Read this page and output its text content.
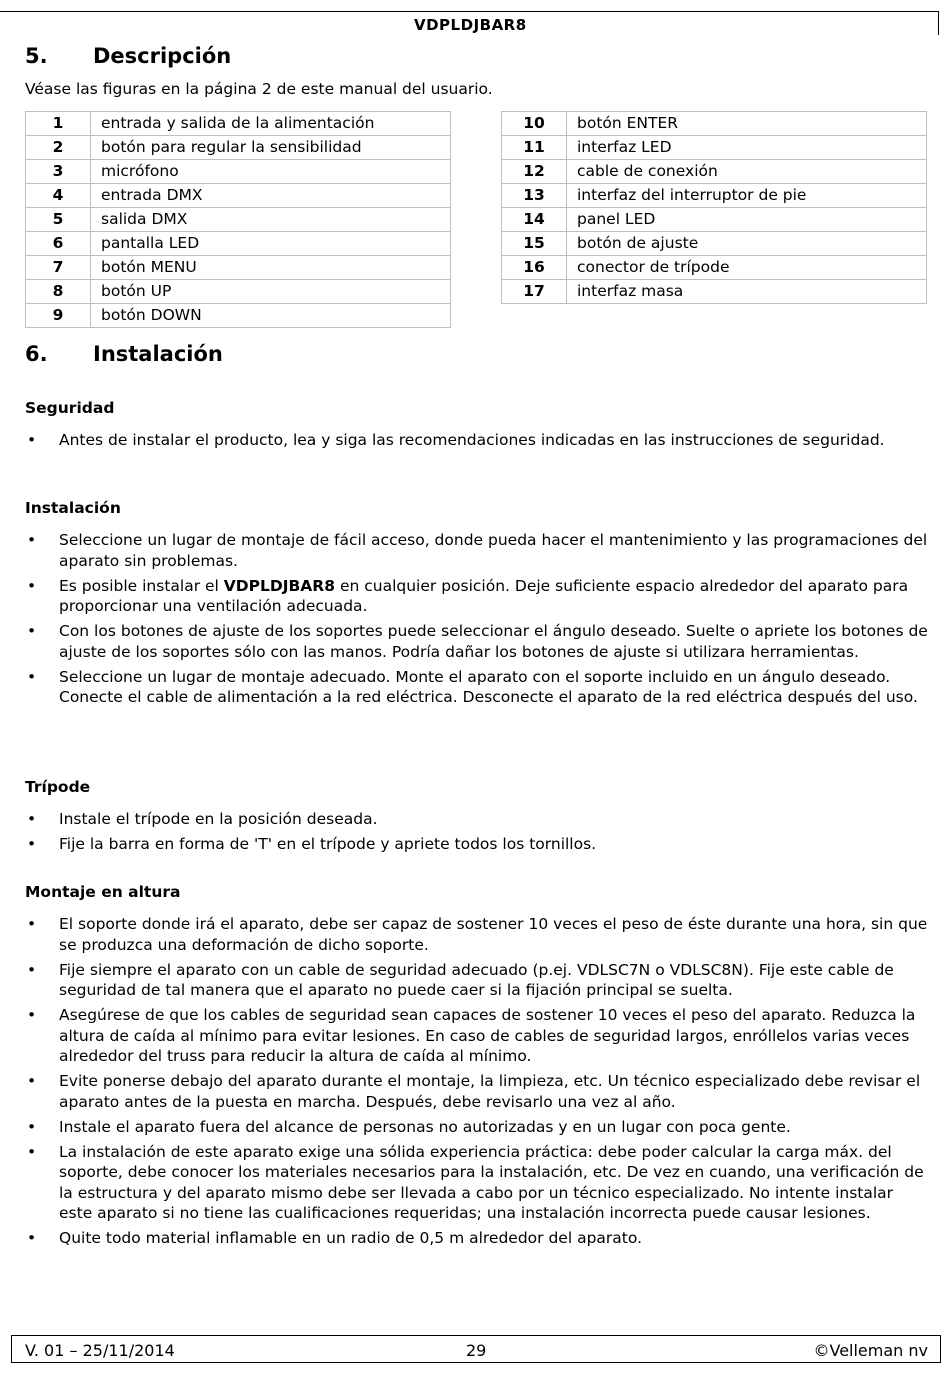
VDPLDJBAR8
5. Descripción
Véase las figuras en la página 2 de este manual del usuario.
1	entrada y salida de la alimentación
2	botón para regular la sensibilidad
3	micrófono
4	entrada DMX
5	salida DMX
6	pantalla LED
7	botón MENU
8	botón UP
9	botón DOWN
10	botón ENTER
11	interfaz LED
12	cable de conexión
13	interfaz del interruptor de pie
14	panel LED
15	botón de ajuste
16	conector de trípode
17	interfaz masa
6. Instalación
Seguridad
• Antes de instalar el producto, lea y siga las recomendaciones indicadas en las instrucciones de seguridad.
Instalación
• Seleccione un lugar de montaje de fácil acceso, donde pueda hacer el mantenimiento y las programaciones del aparato sin problemas.
• Es posible instalar el VDPLDJBAR8 en cualquier posición. Deje suficiente espacio alrededor del aparato para proporcionar una ventilación adecuada.
• Con los botones de ajuste de los soportes puede seleccionar el ángulo deseado. Suelte o apriete los botones de ajuste de los soportes sólo con las manos. Podría dañar los botones de ajuste si utilizara herramientas.
• Seleccione un lugar de montaje adecuado. Monte el aparato con el soporte incluido en un ángulo deseado. Conecte el cable de alimentación a la red eléctrica. Desconecte el aparato de la red eléctrica después del uso.
Trípode
• Instale el trípode en la posición deseada.
• Fije la barra en forma de 'T' en el trípode y apriete todos los tornillos.
Montaje en altura
• El soporte donde irá el aparato, debe ser capaz de sostener 10 veces el peso de éste durante una hora, sin que se produzca una deformación de dicho soporte.
• Fije siempre el aparato con un cable de seguridad adecuado (p.ej. VDLSC7N o VDLSC8N). Fije este cable de seguridad de tal manera que el aparato no puede caer si la fijación principal se suelta.
• Asegúrese de que los cables de seguridad sean capaces de sostener 10 veces el peso del aparato. Reduzca la altura de caída al mínimo para evitar lesiones. En caso de cables de seguridad largos, enróllelos varias veces alrededor del truss para reducir la altura de caída al mínimo.
• Evite ponerse debajo del aparato durante el montaje, la limpieza, etc. Un técnico especializado debe revisar el aparato antes de la puesta en marcha. Después, debe revisarlo una vez al año.
• Instale el aparato fuera del alcance de personas no autorizadas y en un lugar con poca gente.
• La instalación de este aparato exige una sólida experiencia práctica: debe poder calcular la carga máx. del soporte, debe conocer los materiales necesarios para la instalación, etc. De vez en cuando, una verificación de la estructura y del aparato mismo debe ser llevada a cabo por un técnico especializado. No intente instalar este aparato si no tiene las cualificaciones requeridas; una instalación incorrecta puede causar lesiones.
• Quite todo material inflamable en un radio de 0,5 m alrededor del aparato.
V. 01 – 25/11/2014	29	©Velleman nv
